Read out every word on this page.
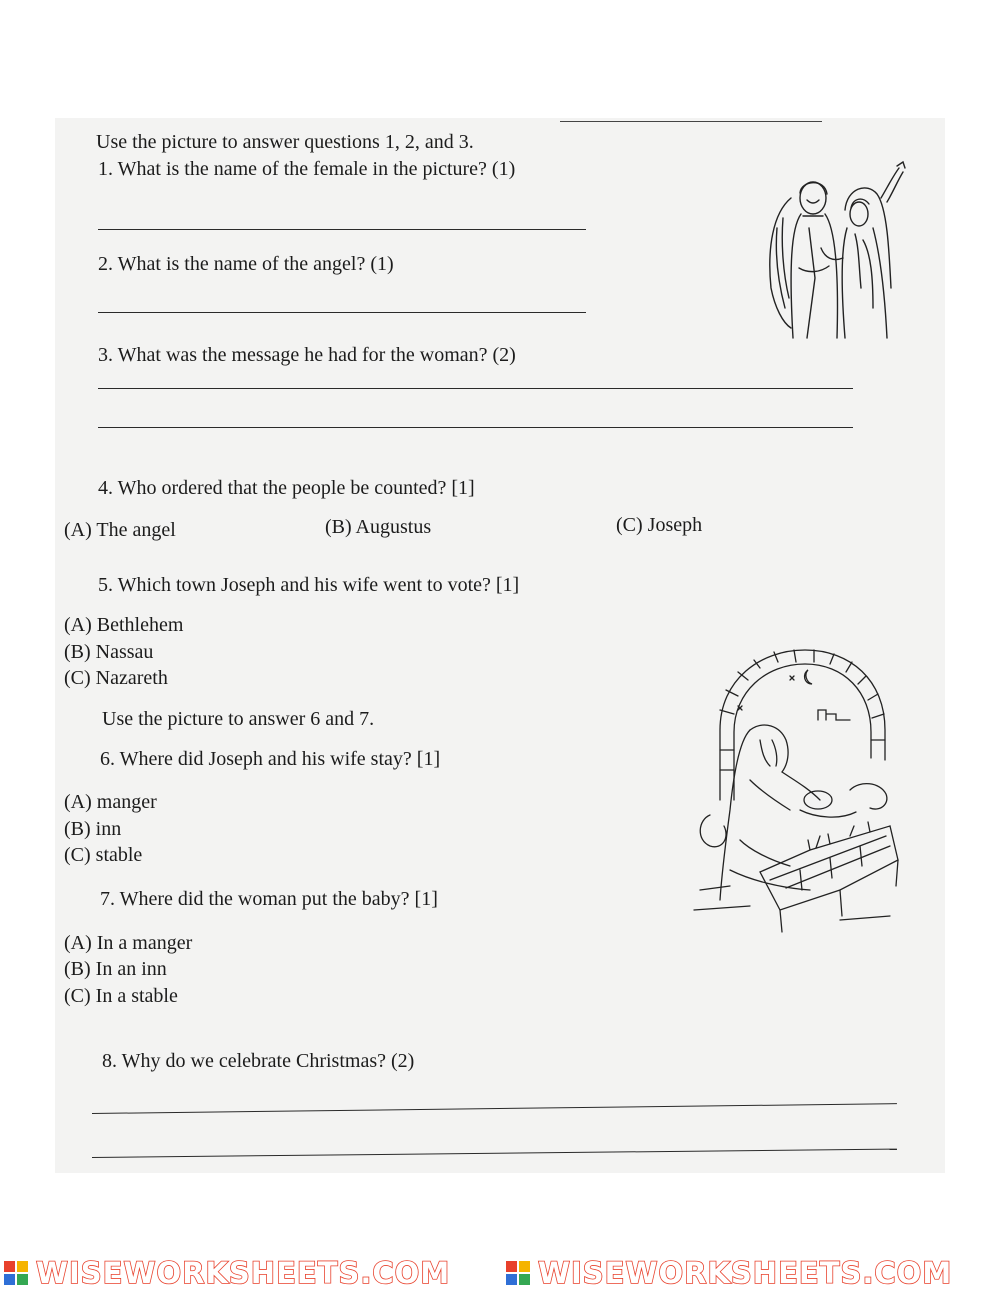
Use the picture to answer questions 1, 2, and 3.
1. What is the name of the female in the picture? (1)
2. What is the name of the angel? (1)
3. What was the message he had for the woman? (2)
4. Who ordered that the people be counted? [1]
(A) The angel	(B) Augustus	(C) Joseph
5. Which town Joseph and his wife went to vote? [1]
(A) Bethlehem
(B) Nassau
(C) Nazareth
Use the picture to answer 6 and 7.
6. Where did Joseph and his wife stay? [1]
(A) manger
(B) inn
(C) stable
7. Where did the woman put the baby? [1]
(A) In a manger
(B) In an inn
(C) In a stable
8. Why do we celebrate Christmas? (2)
WISEWORKSHEETS.COM	WISEWORKSHEETS.COM
